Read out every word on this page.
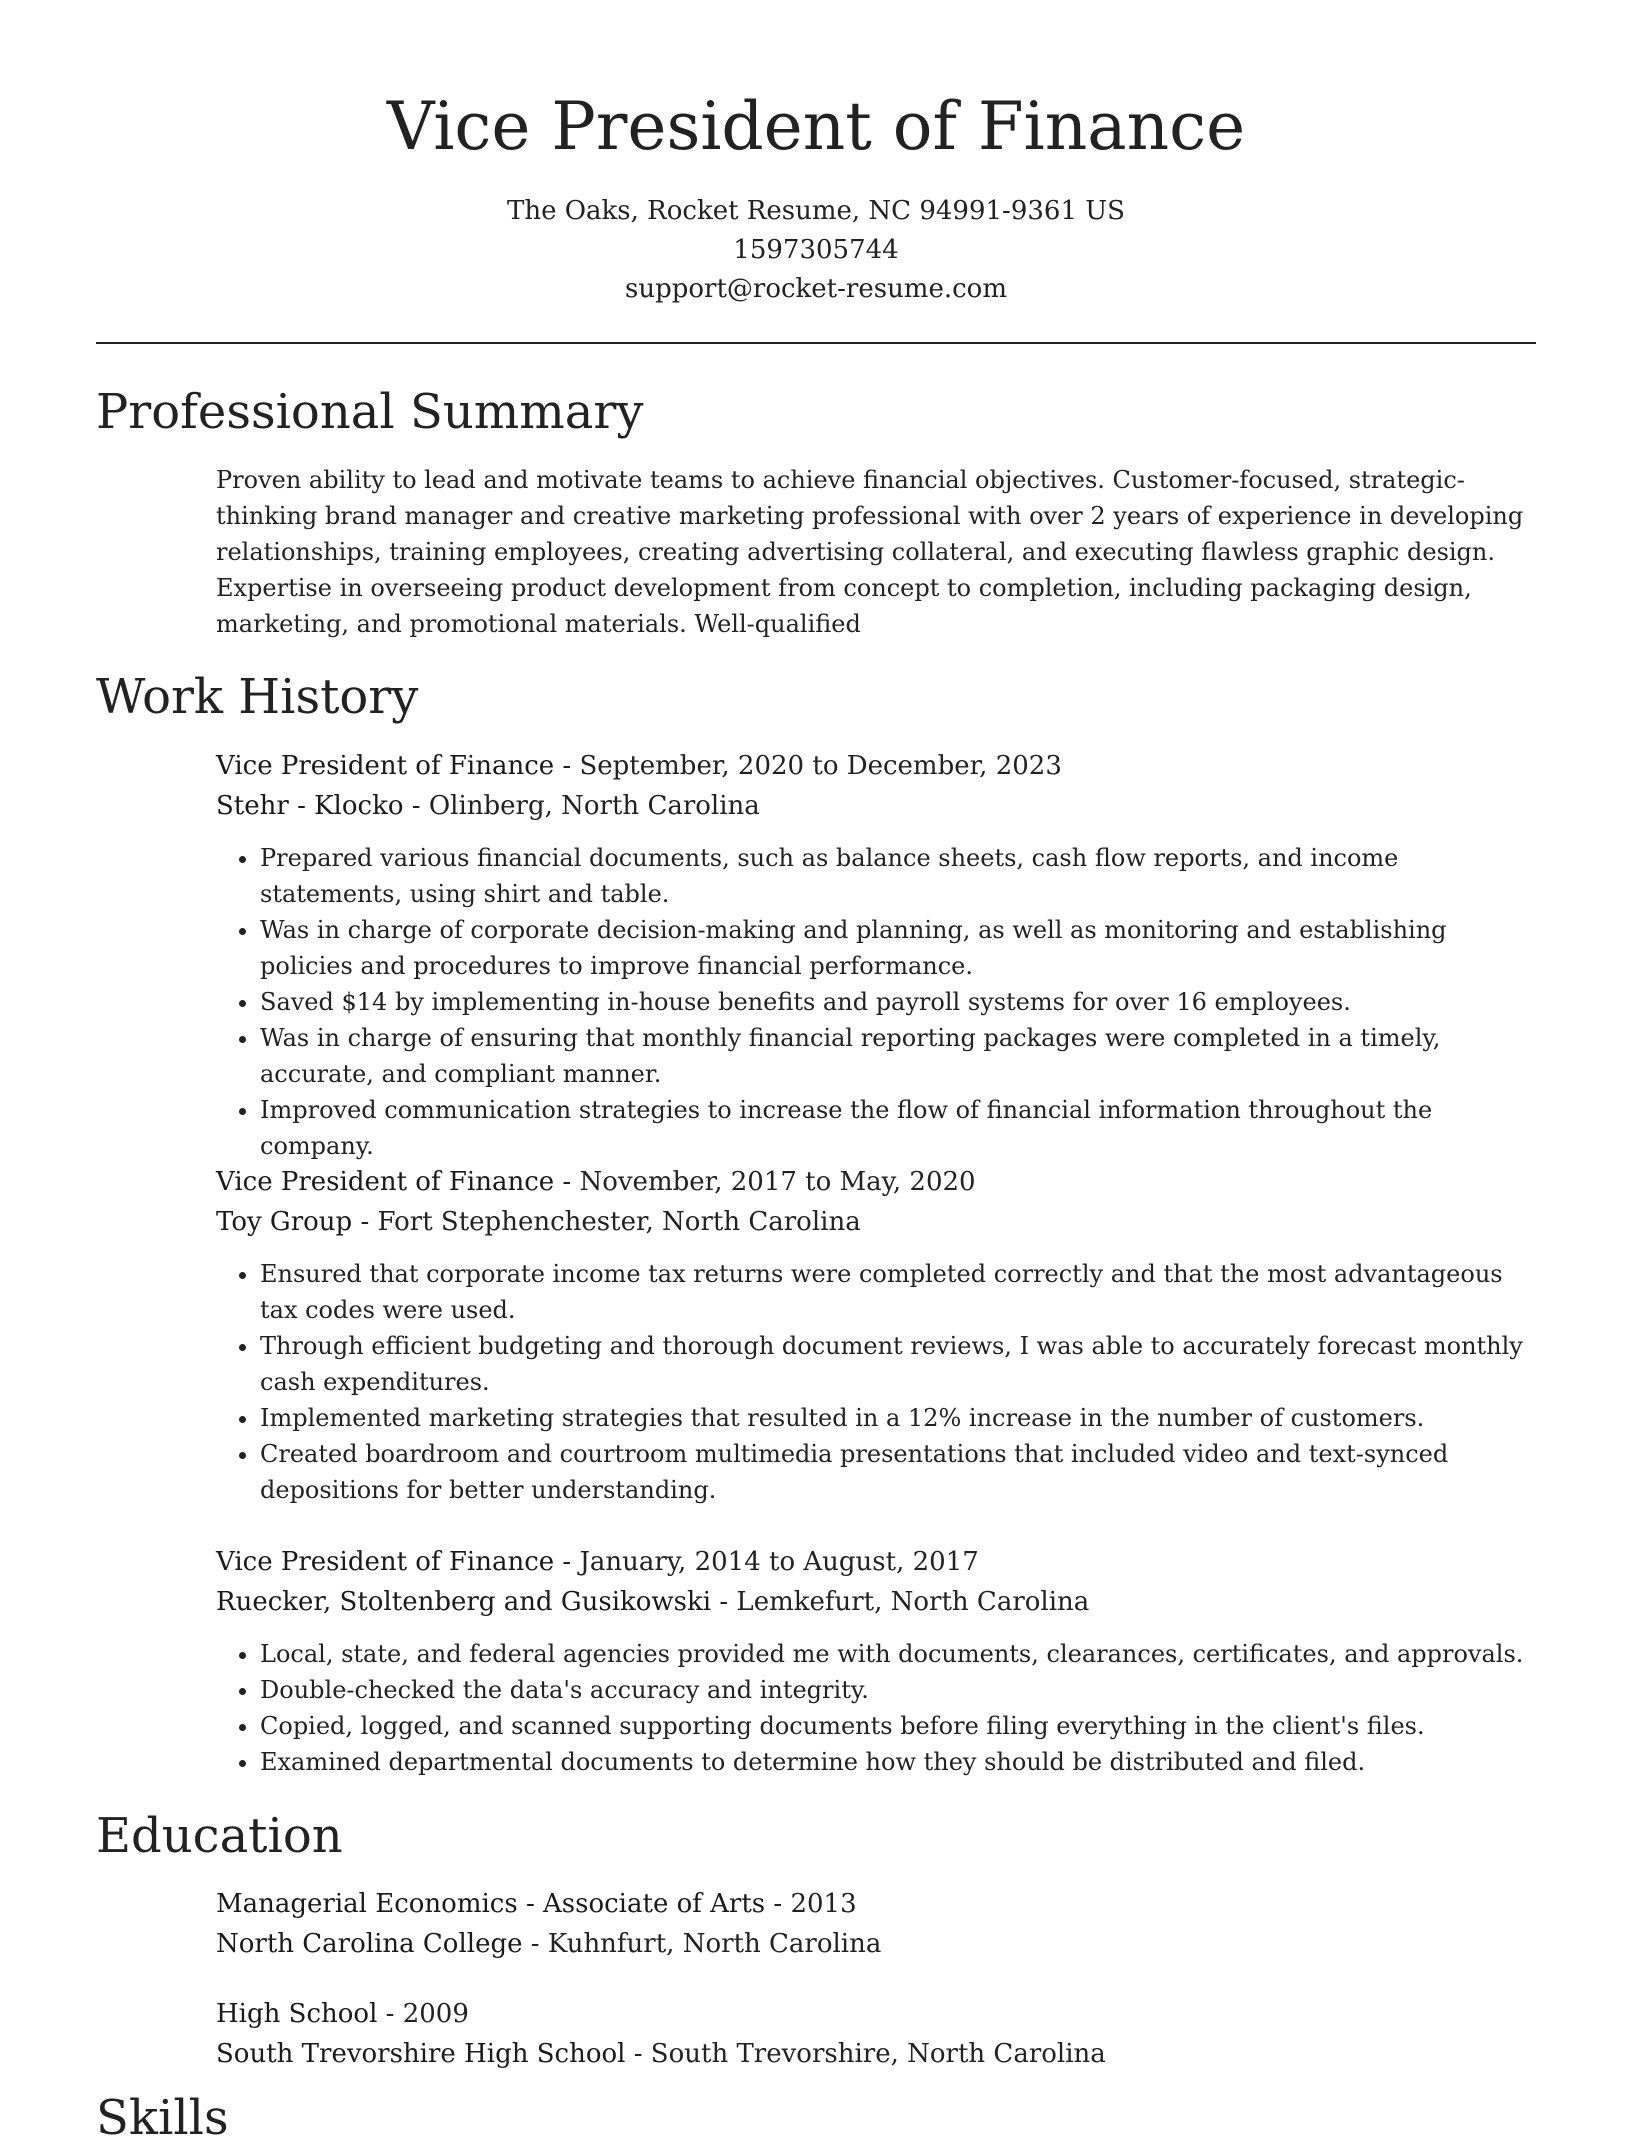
Vice President of Finance
The Oaks, Rocket Resume, NC 94991-9361 US
1597305744
support@rocket-resume.com
Professional Summary
Proven ability to lead and motivate teams to achieve financial objectives. Customer-focused, strategic-thinking brand manager and creative marketing professional with over 2 years of experience in developing relationships, training employees, creating advertising collateral, and executing flawless graphic design. Expertise in overseeing product development from concept to completion, including packaging design, marketing, and promotional materials. Well-qualified
Work History
Vice President of Finance - September, 2020 to December, 2023
Stehr - Klocko - Olinberg, North Carolina
• Prepared various financial documents, such as balance sheets, cash flow reports, and income statements, using shirt and table.
• Was in charge of corporate decision-making and planning, as well as monitoring and establishing policies and procedures to improve financial performance.
• Saved $14 by implementing in-house benefits and payroll systems for over 16 employees.
• Was in charge of ensuring that monthly financial reporting packages were completed in a timely, accurate, and compliant manner.
• Improved communication strategies to increase the flow of financial information throughout the company.
Vice President of Finance - November, 2017 to May, 2020
Toy Group - Fort Stephenchester, North Carolina
• Ensured that corporate income tax returns were completed correctly and that the most advantageous tax codes were used.
• Through efficient budgeting and thorough document reviews, I was able to accurately forecast monthly cash expenditures.
• Implemented marketing strategies that resulted in a 12% increase in the number of customers.
• Created boardroom and courtroom multimedia presentations that included video and text-synced depositions for better understanding.
Vice President of Finance - January, 2014 to August, 2017
Ruecker, Stoltenberg and Gusikowski - Lemkefurt, North Carolina
• Local, state, and federal agencies provided me with documents, clearances, certificates, and approvals.
• Double-checked the data's accuracy and integrity.
• Copied, logged, and scanned supporting documents before filing everything in the client's files.
• Examined departmental documents to determine how they should be distributed and filed.
Education
Managerial Economics - Associate of Arts - 2013
North Carolina College - Kuhnfurt, North Carolina
High School - 2009
South Trevorshire High School - South Trevorshire, North Carolina
Skills
